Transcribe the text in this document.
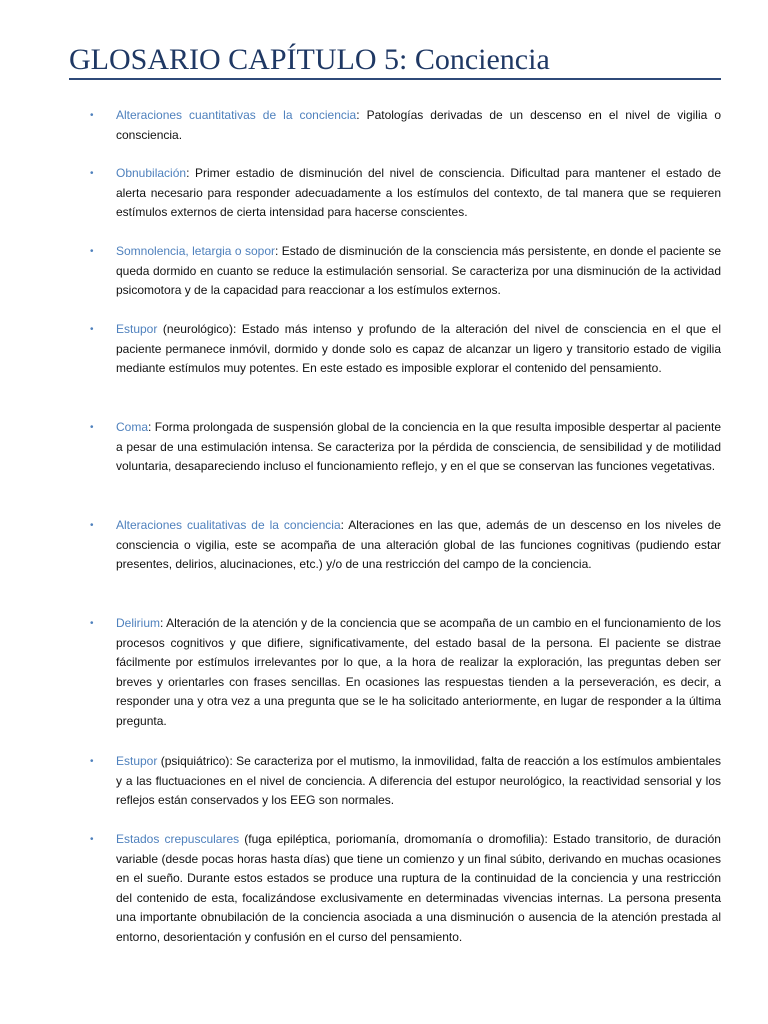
GLOSARIO CAPÍTULO 5: Conciencia
•	Alteraciones cuantitativas de la conciencia: Patologías derivadas de un descenso en el nivel de vigilia o consciencia.
•	Obnubilación: Primer estadio de disminución del nivel de consciencia. Dificultad para mantener el estado de alerta necesario para responder adecuadamente a los estímulos del contexto, de tal manera que se requieren estímulos externos de cierta intensidad para hacerse conscientes.
•	Somnolencia, letargia o sopor: Estado de disminución de la consciencia más persistente, en donde el paciente se queda dormido en cuanto se reduce la estimulación sensorial. Se caracteriza por una disminución de la actividad psicomotora y de la capacidad para reaccionar a los estímulos externos.
•	Estupor (neurológico): Estado más intenso y profundo de la alteración del nivel de consciencia en el que el paciente permanece inmóvil, dormido y donde solo es capaz de alcanzar un ligero y transitorio estado de vigilia mediante estímulos muy potentes. En este estado es imposible explorar el contenido del pensamiento.
•	Coma: Forma prolongada de suspensión global de la conciencia en la que resulta imposible despertar al paciente a pesar de una estimulación intensa. Se caracteriza por la pérdida de consciencia, de sensibilidad y de motilidad voluntaria, desapareciendo incluso el funcionamiento reflejo, y en el que se conservan las funciones vegetativas.
•	Alteraciones cualitativas de la conciencia: Alteraciones en las que, además de un descenso en los niveles de consciencia o vigilia, este se acompaña de una alteración global de las funciones cognitivas (pudiendo estar presentes, delirios, alucinaciones, etc.) y/o de una restricción del campo de la conciencia.
•	Delirium: Alteración de la atención y de la conciencia que se acompaña de un cambio en el funcionamiento de los procesos cognitivos y que difiere, significativamente, del estado basal de la persona. El paciente se distrae fácilmente por estímulos irrelevantes por lo que, a la hora de realizar la exploración, las preguntas deben ser breves y orientarles con frases sencillas. En ocasiones las respuestas tienden a la perseveración, es decir, a responder una y otra vez a una pregunta que se le ha solicitado anteriormente, en lugar de responder a la última pregunta.
•	Estupor (psiquiátrico): Se caracteriza por el mutismo, la inmovilidad, falta de reacción a los estímulos ambientales y a las fluctuaciones en el nivel de conciencia. A diferencia del estupor neurológico, la reactividad sensorial y los reflejos están conservados y los EEG son normales.
•	Estados crepusculares (fuga epiléptica, poriomanía, dromomanía o dromofilia): Estado transitorio, de duración variable (desde pocas horas hasta días) que tiene un comienzo y un final súbito, derivando en muchas ocasiones en el sueño. Durante estos estados se produce una ruptura de la continuidad de la conciencia y una restricción del contenido de esta, focalizándose exclusivamente en determinadas vivencias internas. La persona presenta una importante obnubilación de la conciencia asociada a una disminución o ausencia de la atención prestada al entorno, desorientación y confusión en el curso del pensamiento.
